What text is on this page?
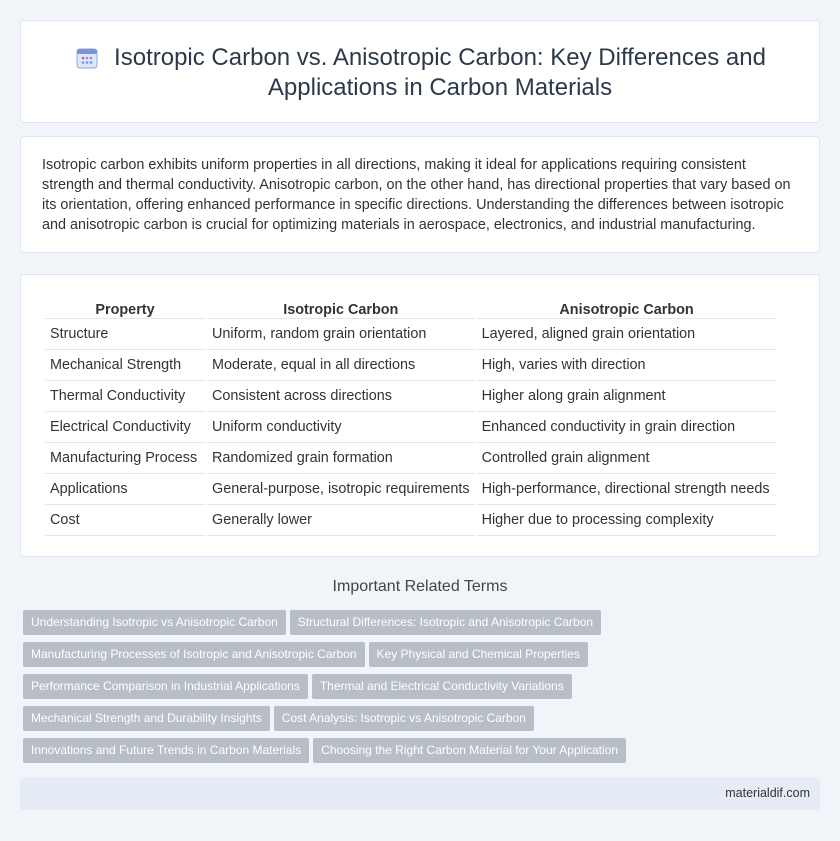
Isotropic Carbon vs. Anisotropic Carbon: Key Differences and Applications in Carbon Materials

Isotropic carbon exhibits uniform properties in all directions, making it ideal for applications requiring consistent strength and thermal conductivity. Anisotropic carbon, on the other hand, has directional properties that vary based on its orientation, offering enhanced performance in specific directions. Understanding the differences between isotropic and anisotropic carbon is crucial for optimizing materials in aerospace, electronics, and industrial manufacturing.

Property	Isotropic Carbon	Anisotropic Carbon
Structure	Uniform, random grain orientation	Layered, aligned grain orientation
Mechanical Strength	Moderate, equal in all directions	High, varies with direction
Thermal Conductivity	Consistent across directions	Higher along grain alignment
Electrical Conductivity	Uniform conductivity	Enhanced conductivity in grain direction
Manufacturing Process	Randomized grain formation	Controlled grain alignment
Applications	General-purpose, isotropic requirements	High-performance, directional strength needs
Cost	Generally lower	Higher due to processing complexity
Important Related Terms
Understanding Isotropic vs Anisotropic Carbon Structural Differences: Isotropic and Anisotropic Carbon
Manufacturing Processes of Isotropic and Anisotropic Carbon Key Physical and Chemical Properties
Performance Comparison in Industrial Applications Thermal and Electrical Conductivity Variations
Mechanical Strength and Durability Insights Cost Analysis: Isotropic vs Anisotropic Carbon
Innovations and Future Trends in Carbon Materials Choosing the Right Carbon Material for Your Application
materialdif.com
